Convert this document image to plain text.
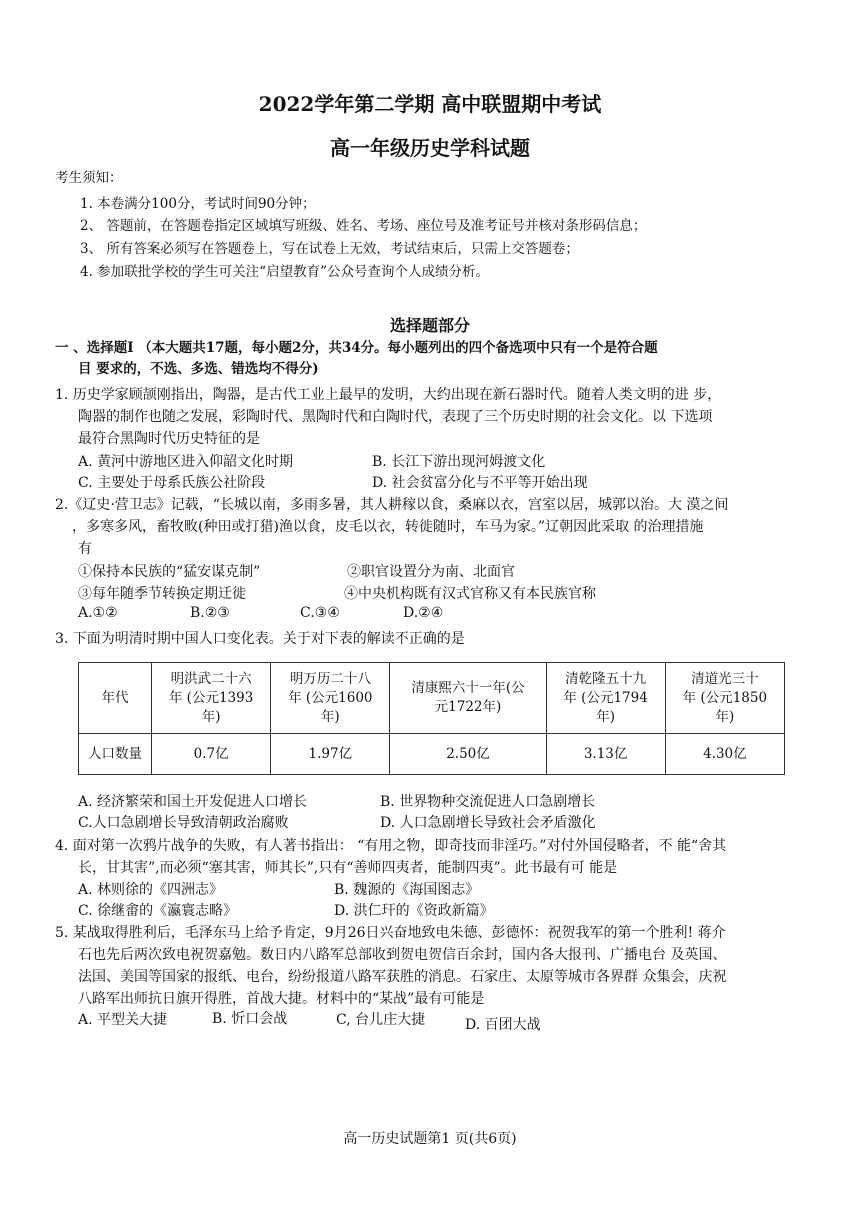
2022学年第二学期 高中联盟期中考试
高一年级历史学科试题
考生须知：
1. 本卷满分100分，考试时间90分钟；
2、 答题前，在答题卷指定区域填写班级、姓名、考场、座位号及准考证号并核对条形码信息；
3、 所有答案必须写在答题卷上，写在试卷上无效，考试结束后，只需上交答题卷；
4. 参加联批学校的学生可关注“启望教育”公众号查询个人成绩分析。
选择题部分
一 、选择题Ⅰ （本大题共17题，每小题2分，共34分。每小题列出的四个备选项中只有一个是符合题
目 要求的，不选、多选、错选均不得分)
1. 历史学家顾颉刚指出，陶器，是古代工业上最早的发明，大约出现在新石器时代。随着人类文明的进 步，
陶器的制作也随之发展，彩陶时代、黑陶时代和白陶时代，表现了三个历史时期的社会文化。以 下选项
最符合黑陶时代历史特征的是
A. 黄河中游地区进入仰韶文化时期	B. 长江下游出现河姆渡文化
C. 主要处于母系氏族公社阶段	D. 社会贫富分化与不平等开始出现
2.《辽史·营卫志》记载，“长城以南，多雨多暑，其人耕稼以食，桑麻以衣，宫室以居，城郭以治。大 漠之间
，多寒多风，畜牧畋(种田或打猎)渔以食，皮毛以衣，转徙随时，车马为家。”辽朝因此采取 的治理措施
有
①保持本民族的“猛安谋克制”	②职官设置分为南、北面官
③每年随季节转换定期迁徙	④中央机构既有汉式官称又有本民族官称
A.①②	B.②③	C.③④	D.②④
3. 下面为明清时期中国人口变化表。关于对下表的解读不正确的是
年代	明洪武二十六
年 (公元1393
年)	明万历二十八
年 (公元1600
年)	清康熙六十一年(公
元1722年)	清乾隆五十九
年 (公元1794
年)	清道光三十
年 (公元1850
年)
人口数量	0.7亿	1.97亿	2.50亿	3.13亿	4.30亿
A. 经济繁荣和国土开发促进人口增长	B. 世界物种交流促进人口急剧增长
C.人口急剧增长导致清朝政治腐败	D. 人口急剧增长导致社会矛盾激化
4. 面对第一次鸦片战争的失败，有人著书指出： “有用之物，即奇技而非淫巧。”对付外国侵略者，不 能“舍其
长，甘其害”,而必须“塞其害，师其长”,只有“善师四夷者，能制四夷”。此书最有可 能是
A. 林则徐的《四洲志》	B. 魏源的《海国图志》
C. 徐继畬的《瀛寰志略》	D. 洪仁玕的《资政新篇》
5. 某战取得胜利后，毛泽东马上给予肯定，9月26日兴奋地致电朱德、彭德怀：祝贺我军的第一个胜利! 蒋介
石也先后两次致电祝贺嘉勉。数日内八路军总部收到贺电贺信百余封，国内各大报刊、广播电台 及英国、
法国、美国等国家的报纸、电台，纷纷报道八路军获胜的消息。石家庄、太原等城市各界群 众集会，庆祝
八路军出师抗日旗开得胜，首战大捷。材料中的“某战”最有可能是
A. 平型关大捷	B. 忻口会战	C, 台儿庄大捷	D. 百团大战
高一历史试题第1 页(共6页)
